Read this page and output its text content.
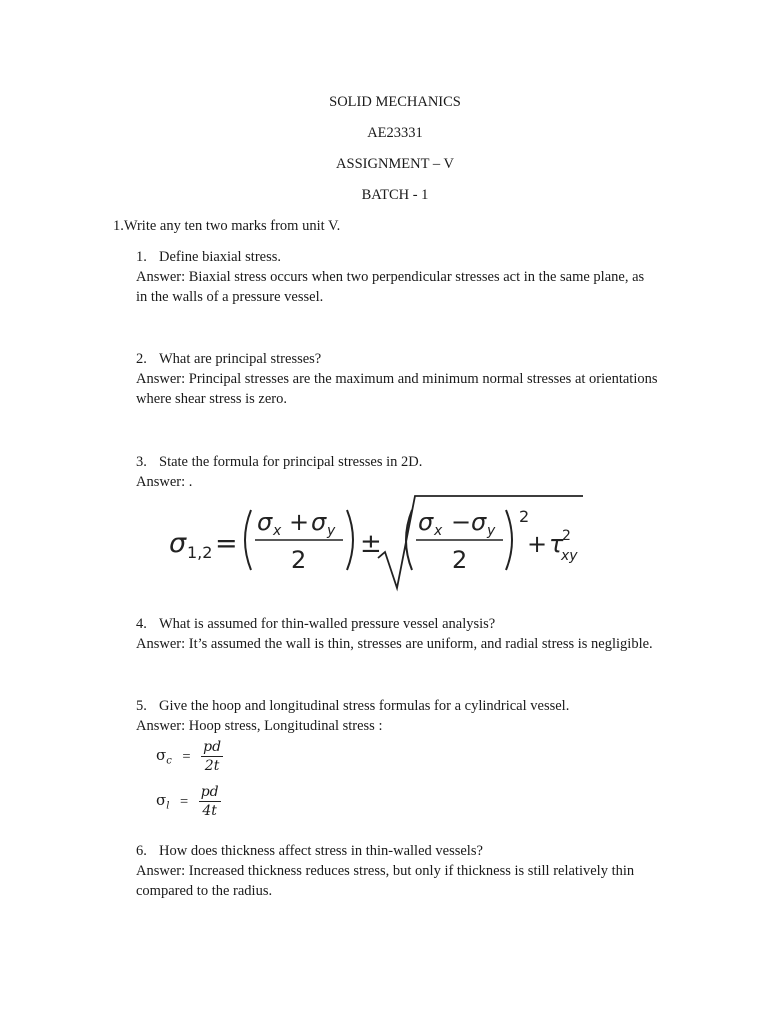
SOLID MECHANICS
AE23331
ASSIGNMENT – V
BATCH - 1
1.Write any ten two marks from unit V.
1. Define biaxial stress.
Answer: Biaxial stress occurs when two perpendicular stresses act in the same plane, as
in the walls of a pressure vessel.
2. What are principal stresses?
Answer: Principal stresses are the maximum and minimum normal stresses at orientations
where shear stress is zero.
3. State the formula for principal stresses in 2D.
Answer: .
σ 1,2 =
σ x + σ y
2
±
σ x − σ y
2
2
+ τ
2
xy
4. What is assumed for thin-walled pressure vessel analysis?
Answer: It’s assumed the wall is thin, stresses are uniform, and radial stress is negligible.
5. Give the hoop and longitudinal stress formulas for a cylindrical vessel.
Answer: Hoop stress, Longitudinal stress :
$\sigma_c = \frac{pd}{2t}$
$\sigma_l = \frac{pd}{4t}$
6. How does thickness affect stress in thin-walled vessels?
Answer: Increased thickness reduces stress, but only if thickness is still relatively thin
compared to the radius.
